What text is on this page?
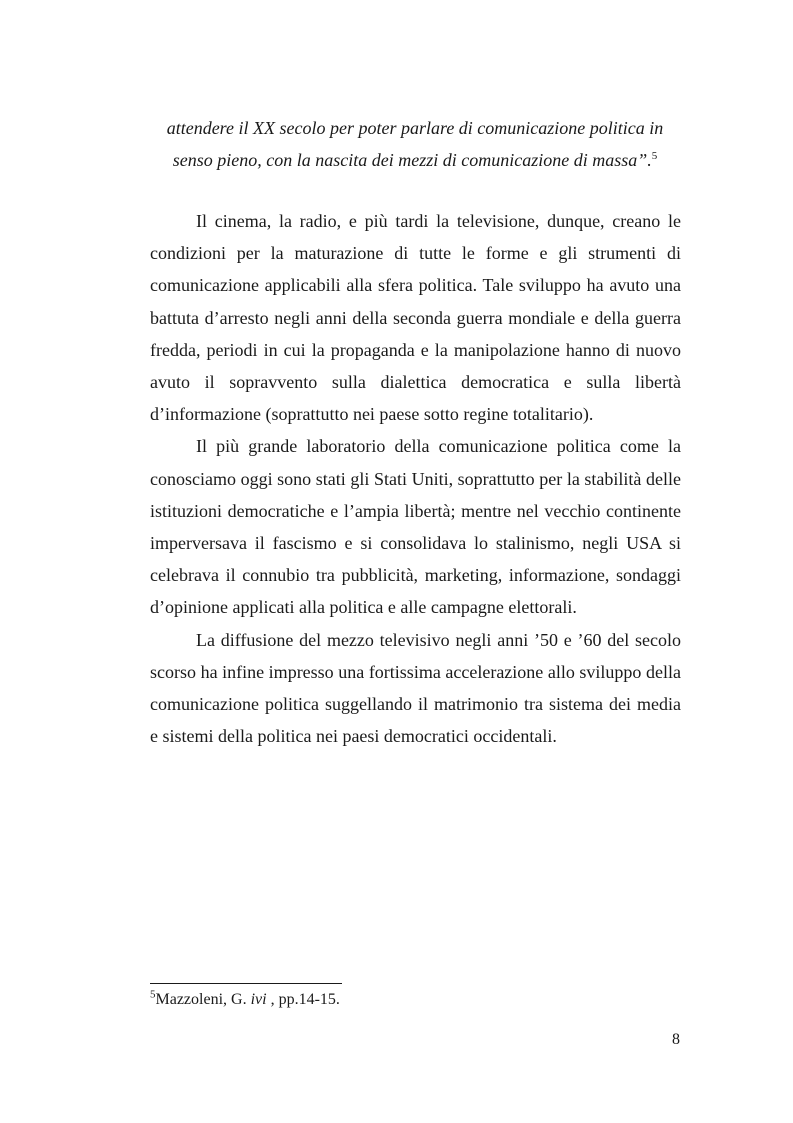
attendere il XX secolo per poter parlare di comunicazione politica in senso pieno, con la nascita dei mezzi di comunicazione di massa”.$^5$

Il cinema, la radio, e più tardi la televisione, dunque, creano le condizioni per la maturazione di tutte le forme e gli strumenti di comunicazione applicabili alla sfera politica. Tale sviluppo ha avuto una battuta d’arresto negli anni della seconda guerra mondiale e della guerra fredda, periodi in cui la propaganda e la manipolazione hanno di nuovo avuto il sopravvento sulla dialettica democratica e sulla libertà d’informazione (soprattutto nei paese sotto regine totalitario).

Il più grande laboratorio della comunicazione politica come la conosciamo oggi sono stati gli Stati Uniti, soprattutto per la stabilità delle istituzioni democratiche e l’ampia libertà; mentre nel vecchio continente imperversava il fascismo e si consolidava lo stalinismo, negli USA si celebrava il connubio tra pubblicità, marketing, informazione, sondaggi d’opinione applicati alla politica e alle campagne elettorali.

La diffusione del mezzo televisivo negli anni ’50 e ’60 del secolo scorso ha infine impresso una fortissima accelerazione allo sviluppo della comunicazione politica suggellando il matrimonio tra sistema dei media e sistemi della politica nei paesi democratici occidentali.

$^5$Mazzoleni, G. ivi , pp.14-15.

8
